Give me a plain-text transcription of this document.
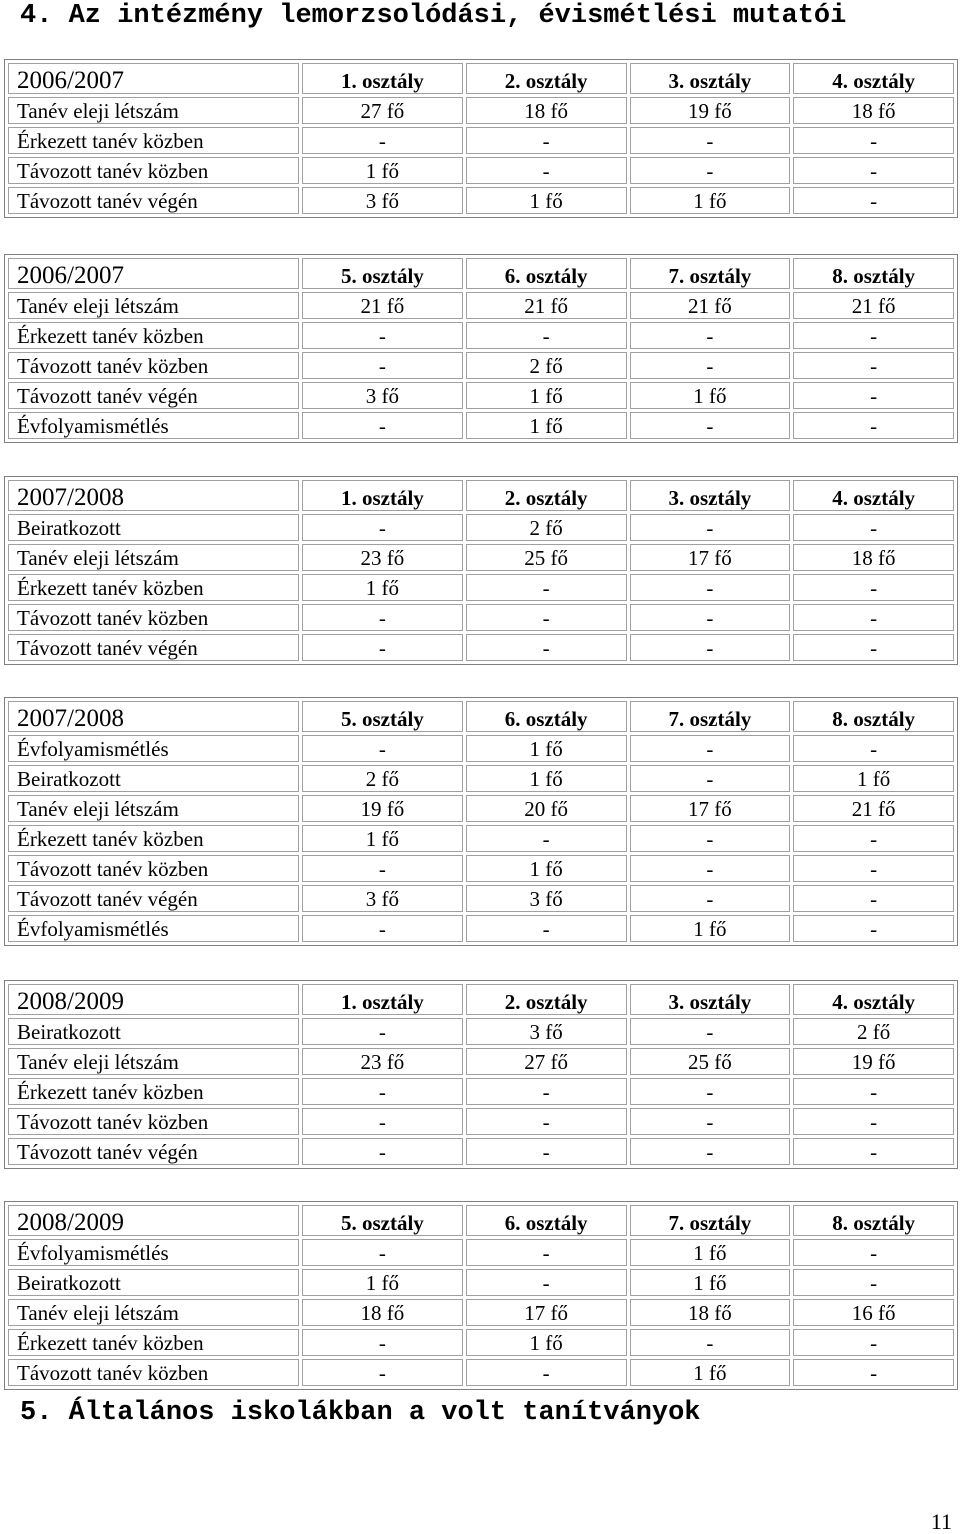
4. Az intézmény lemorzsolódási, évismétlési mutatói
2006/2007	1. osztály	2. osztály	3. osztály	4. osztály
Tanév eleji létszám	27 fő	18 fő	19 fő	18 fő
Érkezett tanév közben	-	-	-	-
Távozott tanév közben	1 fő	-	-	-
Távozott tanév végén	3 fő	1 fő	1 fő	-
2006/2007	5. osztály	6. osztály	7. osztály	8. osztály
Tanév eleji létszám	21 fő	21 fő	21 fő	21 fő
Érkezett tanév közben	-	-	-	-
Távozott tanév közben	-	2 fő	-	-
Távozott tanév végén	3 fő	1 fő	1 fő	-
Évfolyamismétlés	-	1 fő	-	-
2007/2008	1. osztály	2. osztály	3. osztály	4. osztály
Beiratkozott	-	2 fő	-	-
Tanév eleji létszám	23 fő	25 fő	17 fő	18 fő
Érkezett tanév közben	1 fő	-	-	-
Távozott tanév közben	-	-	-	-
Távozott tanév végén	-	-	-	-
2007/2008	5. osztály	6. osztály	7. osztály	8. osztály
Évfolyamismétlés	-	1 fő	-	-
Beiratkozott	2 fő	1 fő	-	1 fő
Tanév eleji létszám	19 fő	20 fő	17 fő	21 fő
Érkezett tanév közben	1 fő	-	-	-
Távozott tanév közben	-	1 fő	-	-
Távozott tanév végén	3 fő	3 fő	-	-
Évfolyamismétlés	-	-	1 fő	-
2008/2009	1. osztály	2. osztály	3. osztály	4. osztály
Beiratkozott	-	3 fő	-	2 fő
Tanév eleji létszám	23 fő	27 fő	25 fő	19 fő
Érkezett tanév közben	-	-	-	-
Távozott tanév közben	-	-	-	-
Távozott tanév végén	-	-	-	-
2008/2009	5. osztály	6. osztály	7. osztály	8. osztály
Évfolyamismétlés	-	-	1 fő	-
Beiratkozott	1 fő	-	1 fő	-
Tanév eleji létszám	18 fő	17 fő	18 fő	16 fő
Érkezett tanév közben	-	1 fő	-	-
Távozott tanév közben	-	-	1 fő	-
5. Általános iskolákban a volt tanítványok
11
